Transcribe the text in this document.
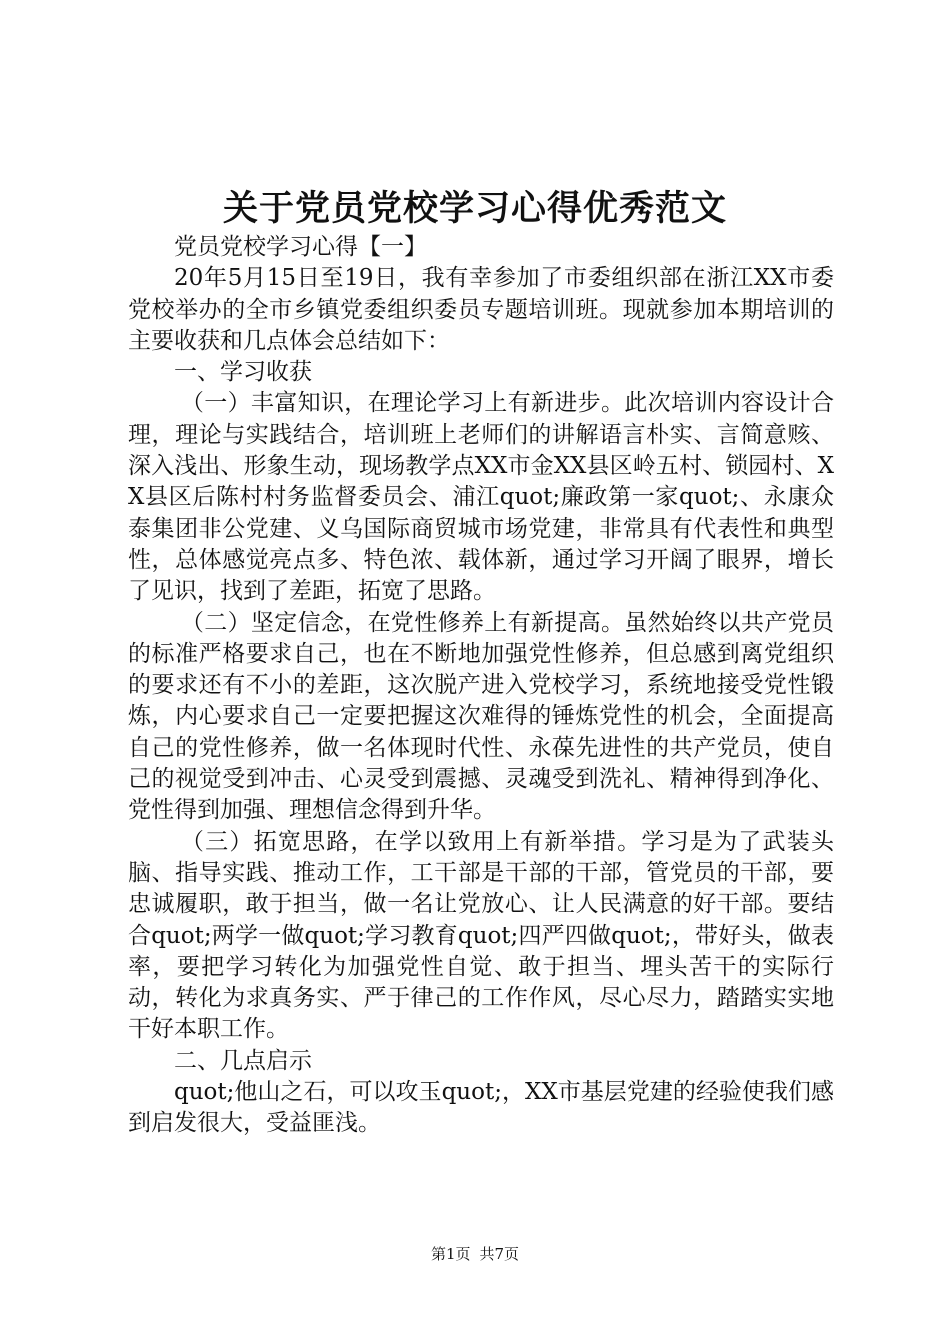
关于党员党校学习心得优秀范文

党员党校学习心得【一】

20年5月15日至19日，我有幸参加了市委组织部在浙江XX市委党校举办的全市乡镇党委组织委员专题培训班。现就参加本期培训的主要收获和几点体会总结如下：

一、学习收获

（一）丰富知识，在理论学习上有新进步。此次培训内容设计合理，理论与实践结合，培训班上老师们的讲解语言朴实、言简意赅、深入浅出、形象生动，现场教学点XX市金XX县区岭五村、锁园村、XX县区后陈村村务监督委员会、浦江quot;廉政第一家quot;、永康众泰集团非公党建、义乌国际商贸城市场党建，非常具有代表性和典型性，总体感觉亮点多、特色浓、载体新，通过学习开阔了眼界，增长了见识，找到了差距，拓宽了思路。

（二）坚定信念，在党性修养上有新提高。虽然始终以共产党员的标准严格要求自己，也在不断地加强党性修养，但总感到离党组织的要求还有不小的差距，这次脱产进入党校学习，系统地接受党性锻炼，内心要求自己一定要把握这次难得的锤炼党性的机会，全面提高自己的党性修养，做一名体现时代性、永葆先进性的共产党员，使自己的视觉受到冲击、心灵受到震撼、灵魂受到洗礼、精神得到净化、党性得到加强、理想信念得到升华。

（三）拓宽思路，在学以致用上有新举措。学习是为了武装头脑、指导实践、推动工作，工干部是干部的干部，管党员的干部，要忠诚履职，敢于担当，做一名让党放心、让人民满意的好干部。要结合quot;两学一做quot;学习教育quot;四严四做quot;，带好头，做表率，要把学习转化为加强党性自觉、敢于担当、埋头苦干的实际行动，转化为求真务实、严于律己的工作作风，尽心尽力，踏踏实实地干好本职工作。

二、几点启示

quot;他山之石，可以攻玉quot;，XX市基层党建的经验使我们感到启发很大，受益匪浅。

第1页 共7页
